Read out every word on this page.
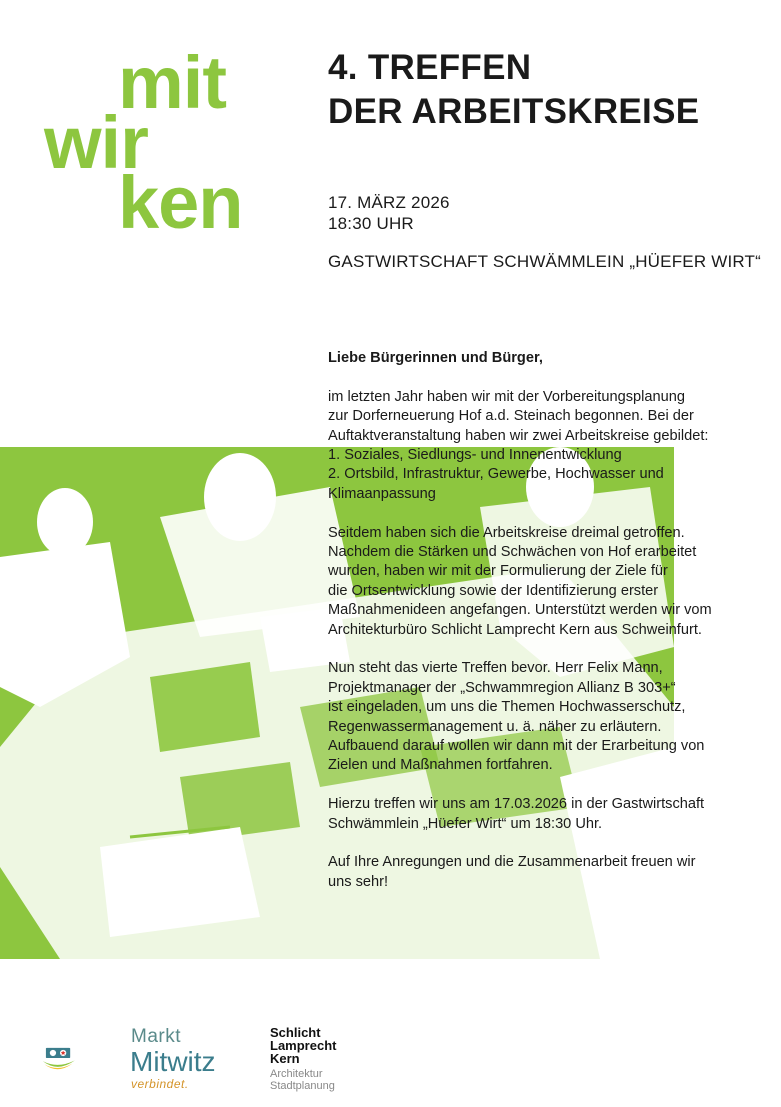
mit
wir
ken
4. TREFFEN
DER ARBEITSKREISE
17. MÄRZ 2026
18:30 UHR
GASTWIRTSCHAFT SCHWÄMMLEIN „HÜEFER WIRT“

Liebe Bürgerinnen und Bürger,

im letzten Jahr haben wir mit der Vorbereitungsplanung

zur Dorferneuerung Hof a.d. Steinach begonnen. Bei der

Auftaktveranstaltung haben wir zwei Arbeitskreise gebildet:

1. Soziales, Siedlungs- und Innenentwicklung

2. Ortsbild, Infrastruktur, Gewerbe, Hochwasser und

Klimaanpassung

Seitdem haben sich die Arbeitskreise dreimal getroffen.

Nachdem die Stärken und Schwächen von Hof erarbeitet

wurden, haben wir mit der Formulierung der Ziele für

die Ortsentwicklung sowie der Identifizierung erster

Maßnahmenideen angefangen. Unterstützt werden wir vom

Architekturbüro Schlicht Lamprecht Kern aus Schweinfurt.

Nun steht das vierte Treffen bevor. Herr Felix Mann,

Projektmanager der „Schwammregion Allianz B 303+“

ist eingeladen, um uns die Themen Hochwasserschutz,

Regenwassermanagement u. ä. näher zu erläutern.

Aufbauend darauf wollen wir dann mit der Erarbeitung von

Zielen und Maßnahmen fortfahren.

Hierzu treffen wir uns am 17.03.2026 in der Gastwirtschaft

Schwämmlein „Hüefer Wirt“ um 18:30 Uhr.

Auf Ihre Anregungen und die Zusammenarbeit freuen wir

uns sehr!

Markt
Mitwitz
verbindet.
Schlicht
Lamprecht
Kern
Architektur
Stadtplanung
